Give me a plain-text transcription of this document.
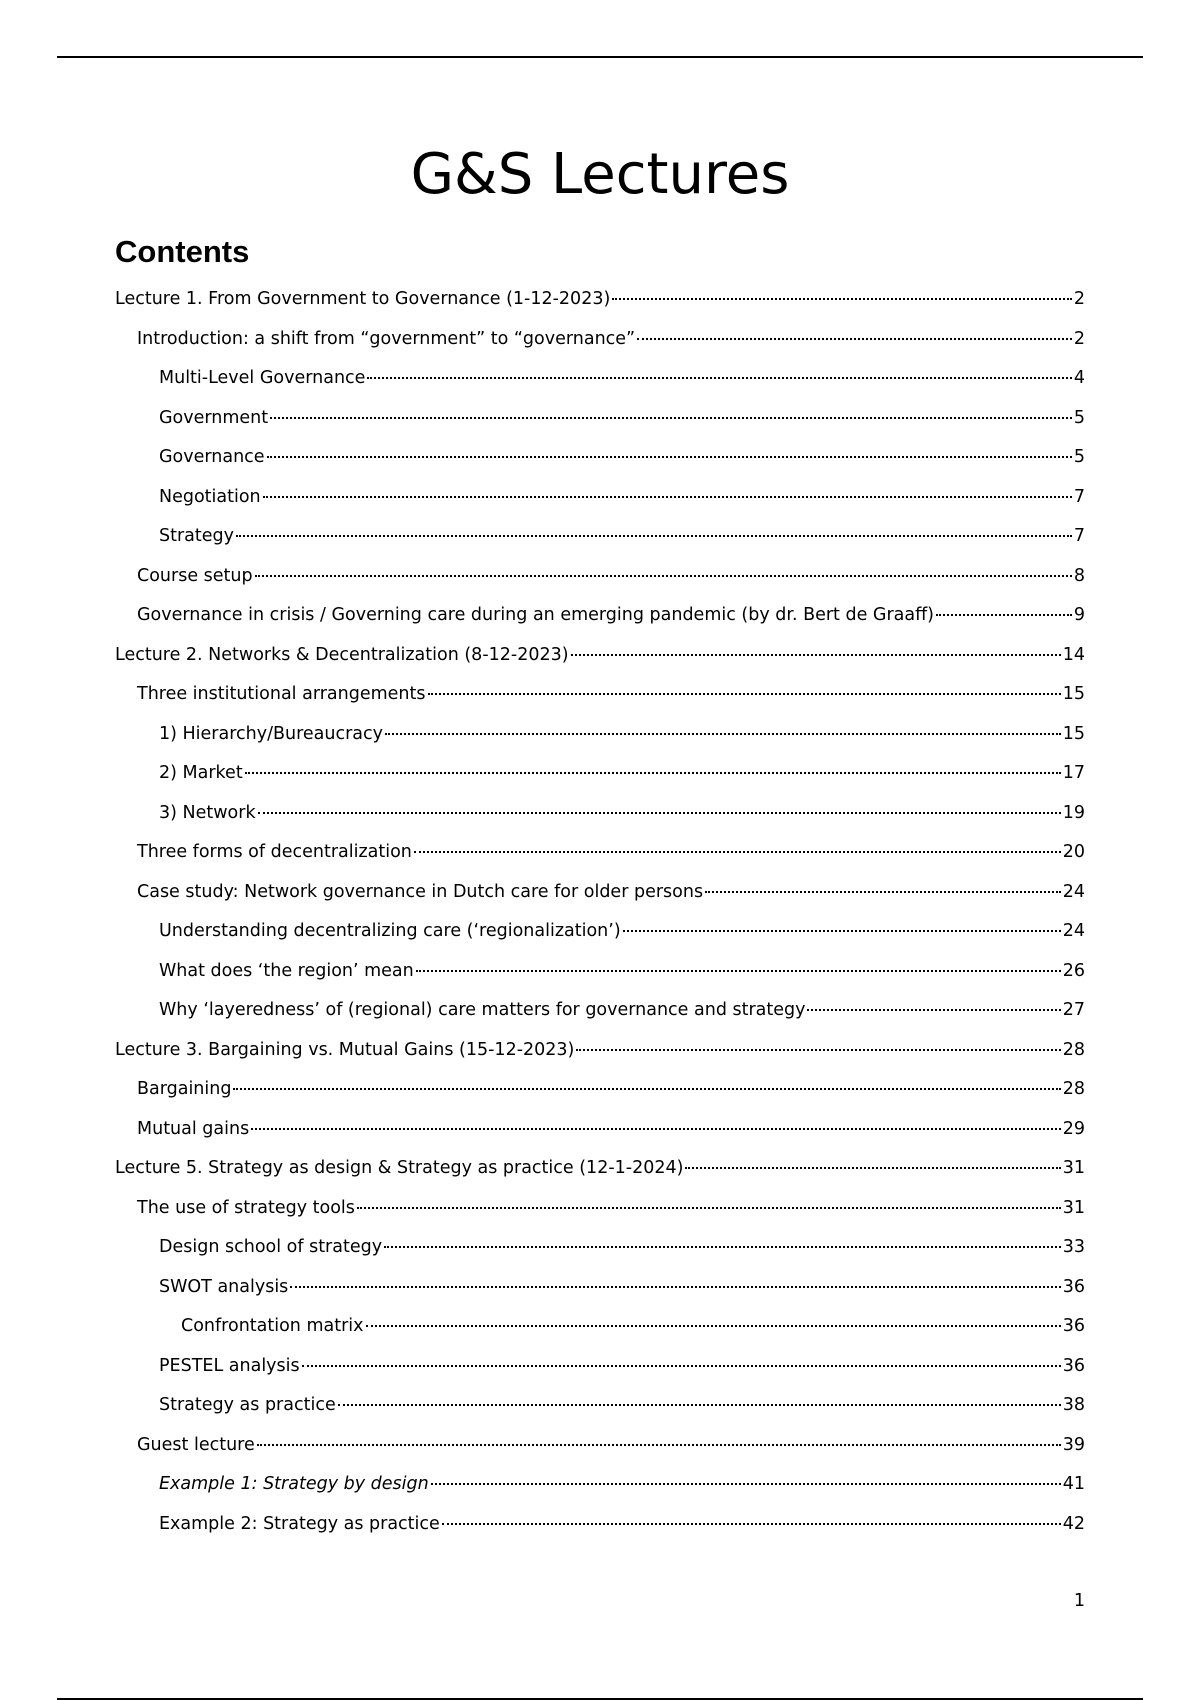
G&S Lectures
Contents
Lecture 1. From Government to Governance (1-12-2023)	2
Introduction: a shift from “government” to “governance”	2
Multi-Level Governance	4
Government	5
Governance	5
Negotiation	7
Strategy	7
Course setup	8
Governance in crisis / Governing care during an emerging pandemic (by dr. Bert de Graaff)	9
Lecture 2. Networks & Decentralization (8-12-2023)	14
Three institutional arrangements	15
1) Hierarchy/Bureaucracy	15
2) Market	17
3) Network	19
Three forms of decentralization	20
Case study: Network governance in Dutch care for older persons	24
Understanding decentralizing care (‘regionalization’)	24
What does ‘the region’ mean	26
Why ‘layeredness’ of (regional) care matters for governance and strategy	27
Lecture 3. Bargaining vs. Mutual Gains (15-12-2023)	28
Bargaining	28
Mutual gains	29
Lecture 5. Strategy as design & Strategy as practice (12-1-2024)	31
The use of strategy tools	31
Design school of strategy	33
SWOT analysis	36
Confrontation matrix	36
PESTEL analysis	36
Strategy as practice	38
Guest lecture	39
Example 1: Strategy by design	41
Example 2: Strategy as practice	42
1
